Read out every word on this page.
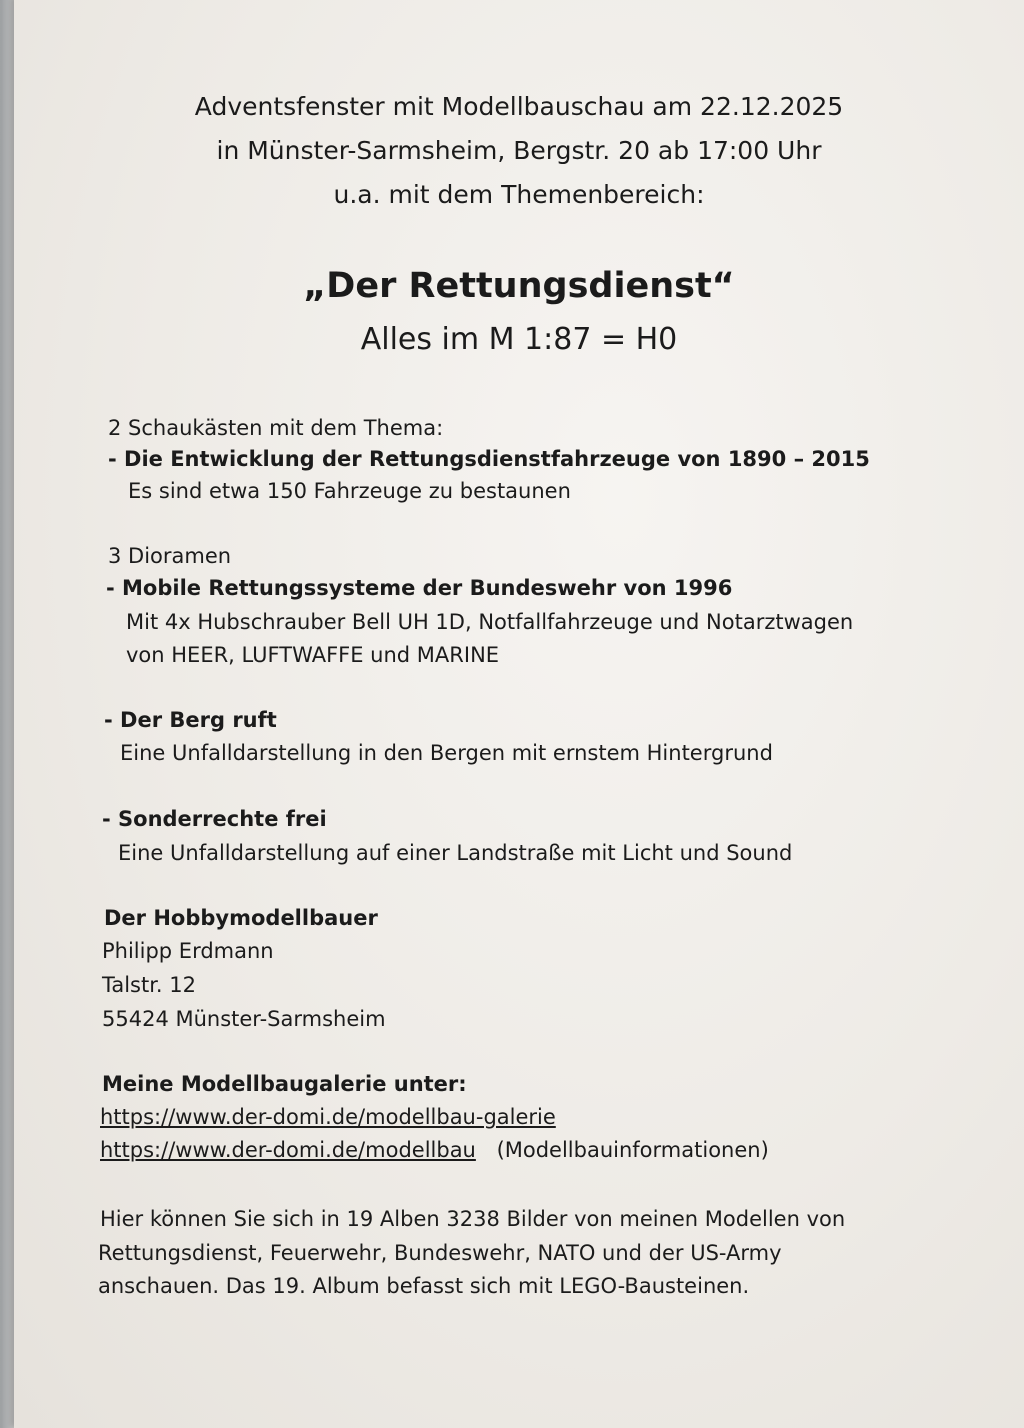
Adventsfenster mit Modellbauschau am 22.12.2025
in Münster-Sarmsheim, Bergstr. 20 ab 17:00 Uhr
u.a. mit dem Themenbereich:
„Der Rettungsdienst“
Alles im M 1:87 = H0
2 Schaukästen mit dem Thema:
- Die Entwicklung der Rettungsdienstfahrzeuge von 1890 – 2015
Es sind etwa 150 Fahrzeuge zu bestaunen
3 Dioramen
- Mobile Rettungssysteme der Bundeswehr von 1996
Mit 4x Hubschrauber Bell UH 1D, Notfallfahrzeuge und Notarztwagen
von HEER, LUFTWAFFE und MARINE
- Der Berg ruft
Eine Unfalldarstellung in den Bergen mit ernstem Hintergrund
- Sonderrechte frei
Eine Unfalldarstellung auf einer Landstraße mit Licht und Sound
Der Hobbymodellbauer
Philipp Erdmann
Talstr. 12
55424 Münster-Sarmsheim
Meine Modellbaugalerie unter:
https://www.der-domi.de/modellbau-galerie
https://www.der-domi.de/modellbau (Modellbauinformationen)
Hier können Sie sich in 19 Alben 3238 Bilder von meinen Modellen von
Rettungsdienst, Feuerwehr, Bundeswehr, NATO und der US-Army
anschauen. Das 19. Album befasst sich mit LEGO-Bausteinen.
